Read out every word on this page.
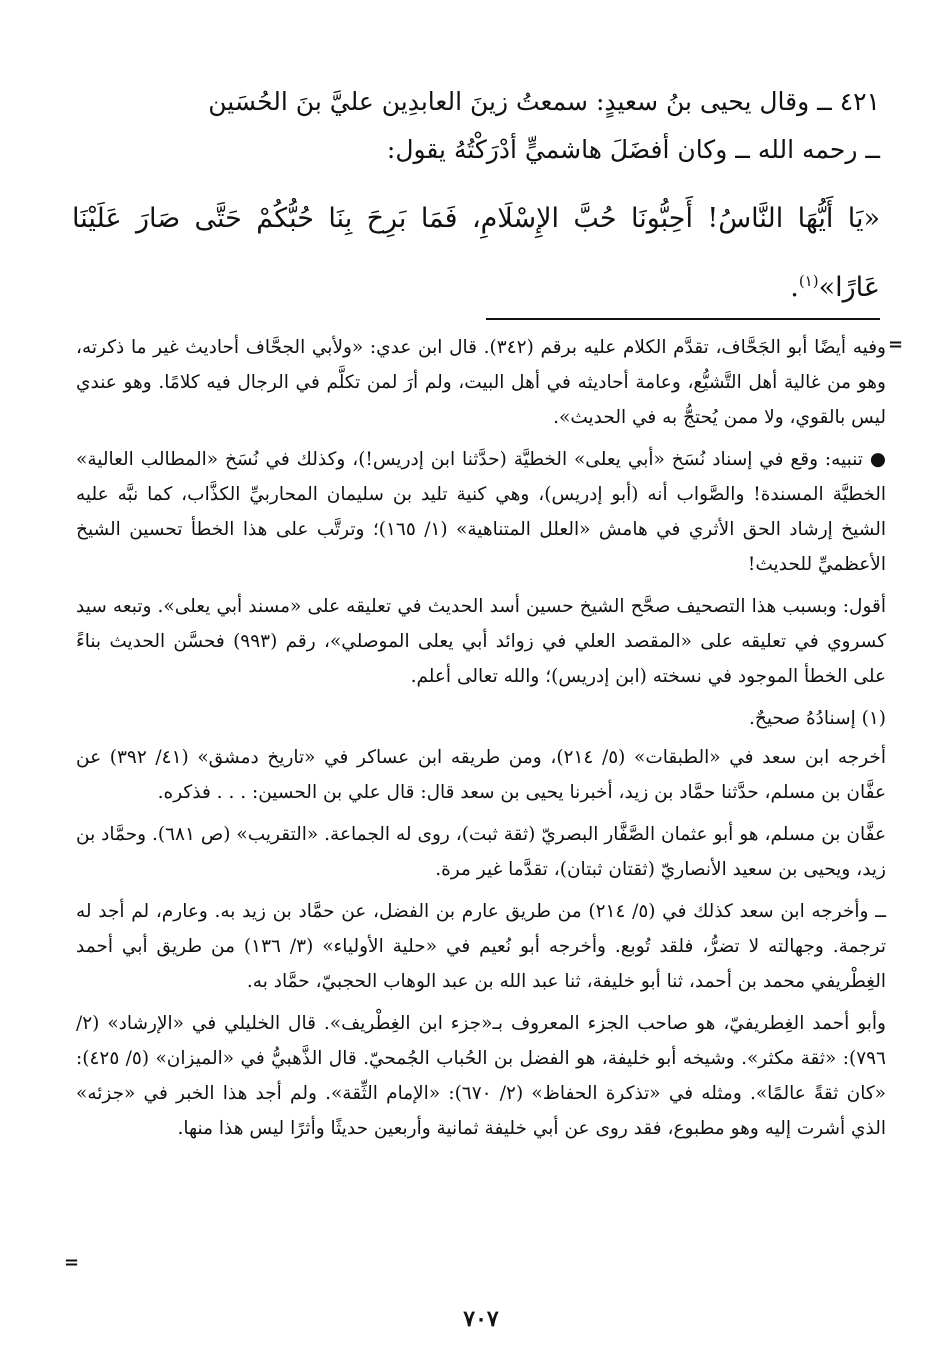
٤٢١ ــ وقال يحيى بنُ سعيدٍ: سمعتُ زينَ العابدِين عليَّ بنَ الحُسَين

ــ رحمه الله ــ وكان أفضَلَ هاشميٍّ أدْرَكْتُهُ يقول:

«يَا أَيُّهَا النَّاسُ! أَحِبُّونَا حُبَّ الإِسْلَامِ، فَمَا بَرِحَ بِنَا حُبُّكُمْ حَتَّى صَارَ عَلَيْنَا عَارًا»$^{(١)}$.

=

وفيه أيضًا أبو الجَحَّاف، تقدَّم الكلام عليه برقم (٣٤٢). قال ابن عدي: «ولأبي الجحَّاف أحاديث غير ما ذكرته، وهو من غالية أهل التَّشيُّع، وعامة أحاديثه في أهل البيت، ولم أرَ لمن تكلَّم في الرجال فيه كلامًا. وهو عندي ليس بالقوي، ولا ممن يُحتجُّ به في الحديث».

● تنبيه: وقع في إسناد نُسَخ «أبي يعلى» الخطيَّة (حدَّثنا ابن إدريس!)، وكذلك في نُسَخ «المطالب العالية» الخطيَّة المسندة! والصَّواب أنه (أبو إدريس)، وهي كنية تليد بن سليمان المحاربيِّ الكذَّاب، كما نبَّه عليه الشيخ إرشاد الحق الأثري في هامش «العلل المتناهية» (١/ ١٦٥)؛ وترتَّب على هذا الخطأ تحسين الشيخ الأعظميِّ للحديث!

أقول: وبسبب هذا التصحيف صحَّح الشيخ حسين أسد الحديث في تعليقه على «مسند أبي يعلى». وتبعه سيد كسروي في تعليقه على «المقصد العلي في زوائد أبي يعلى الموصلي»، رقم (٩٩٣) فحسَّن الحديث بناءً على الخطأ الموجود في نسخته (ابن إدريس)؛ والله تعالى أعلم.

(١) إسنادُهُ صحيحٌ.

أخرجه ابن سعد في «الطبقات» (٥/ ٢١٤)، ومن طريقه ابن عساكر في «تاريخ دمشق» (٤١/ ٣٩٢) عن عفَّان بن مسلم، حدَّثنا حمَّاد بن زيد، أخبرنا يحيى بن سعد قال: قال علي بن الحسين: . . . فذكره.

عفَّان بن مسلم، هو أبو عثمان الصَّفَّار البصريّ (ثقة ثبت)، روى له الجماعة. «التقريب» (ص ٦٨١). وحمَّاد بن زيد، ويحيى بن سعيد الأنصاريّ (ثقتان ثبتان)، تقدَّما غير مرة.

ــ وأخرجه ابن سعد كذلك في (٥/ ٢١٤) من طريق عارم بن الفضل، عن حمَّاد بن زيد به. وعارم، لم أجد له ترجمة. وجهالته لا تضرُّ، فلقد تُوبع. وأخرجه أبو نُعيم في «حلية الأولياء» (٣/ ١٣٦) من طريق أبي أحمد الغِطْريفي محمد بن أحمد، ثنا أبو خليفة، ثنا عبد الله بن عبد الوهاب الحجبيّ، حمَّاد به.

وأبو أحمد الغِطريفيّ، هو صاحب الجزء المعروف بـ«جزء ابن الغِطْريف». قال الخليلي في «الإرشاد» (٢/ ٧٩٦): «ثقة مكثر». وشيخه أبو خليفة، هو الفضل بن الحُباب الجُمحيّ. قال الذَّهبيُّ في «الميزان» (٥/ ٤٢٥): «كان ثقةً عالمًا». ومثله في «تذكرة الحفاظ» (٢/ ٦٧٠): «الإمام الثِّقة». ولم أجد هذا الخبر في «جزئه» الذي أشرت إليه وهو مطبوع، فقد روى عن أبي خليفة ثمانية وأربعين حديثًا وأثرًا ليس هذا منها.

=
٧٠٧
